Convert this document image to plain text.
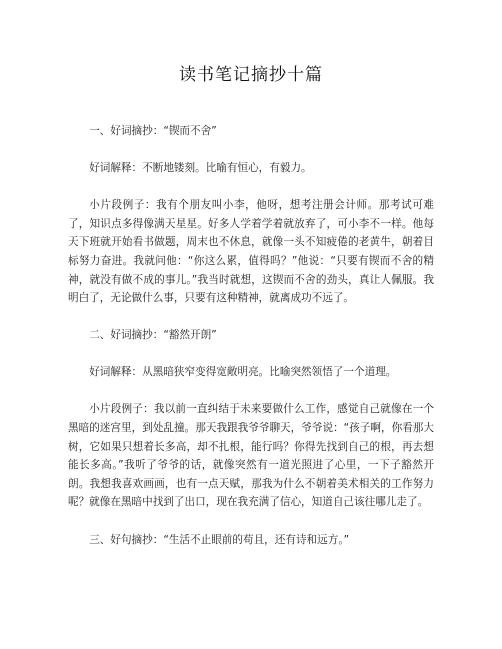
读书笔记摘抄十篇

一、好词摘抄：“锲而不舍”

好词解释：不断地镂刻。比喻有恒心，有毅力。

小片段例子：我有个朋友叫小李，他呀，想考注册会计师。那考试可难了，知识点多得像满天星星。好多人学着学着就放弃了，可小李不一样。他每天下班就开始看书做题，周末也不休息，就像一头不知疲倦的老黄牛，朝着目标努力奋进。我就问他：“你这么累，值得吗？”他说：“只要有锲而不舍的精神，就没有做不成的事儿。”我当时就想，这锲而不舍的劲头，真让人佩服。我明白了，无论做什么事，只要有这种精神，就离成功不远了。

二、好词摘抄：“豁然开朗”

好词解释：从黑暗狭窄变得宽敞明亮。比喻突然领悟了一个道理。

小片段例子：我以前一直纠结于未来要做什么工作，感觉自己就像在一个黑暗的迷宫里，到处乱撞。那天我跟我爷爷聊天，爷爷说：“孩子啊，你看那大树，它如果只想着长多高，却不扎根，能行吗？你得先找到自己的根，再去想能长多高。”我听了爷爷的话，就像突然有一道光照进了心里，一下子豁然开朗。我想我喜欢画画，也有一点天赋，那我为什么不朝着美术相关的工作努力呢？就像在黑暗中找到了出口，现在我充满了信心，知道自己该往哪儿走了。

三、好句摘抄：“生活不止眼前的苟且，还有诗和远方。”
